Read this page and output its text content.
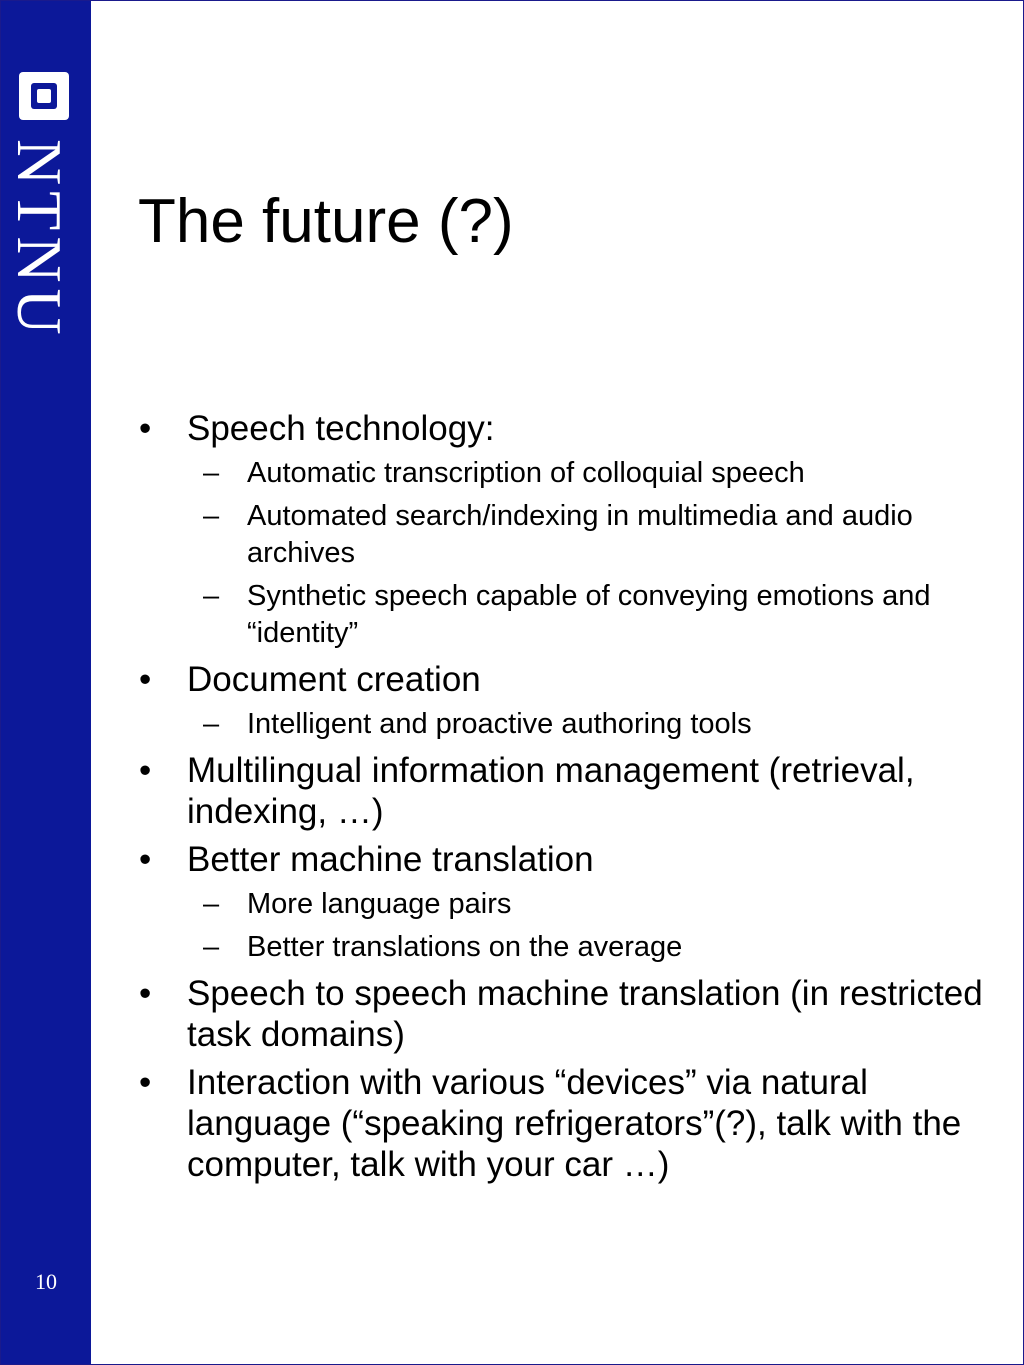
NTNU
10
The future (?)
• Speech technology:
– Automatic transcription of colloquial speech
– Automated search/indexing in multimedia and audio archives
– Synthetic speech capable of conveying emotions and “identity”
• Document creation
– Intelligent and proactive authoring tools
• Multilingual information management (retrieval, indexing, …)
• Better machine translation
– More language pairs
– Better translations on the average
• Speech to speech machine translation (in restricted task domains)
• Interaction with various “devices” via natural language (“speaking refrigerators”(?), talk with the computer, talk with your car …)
